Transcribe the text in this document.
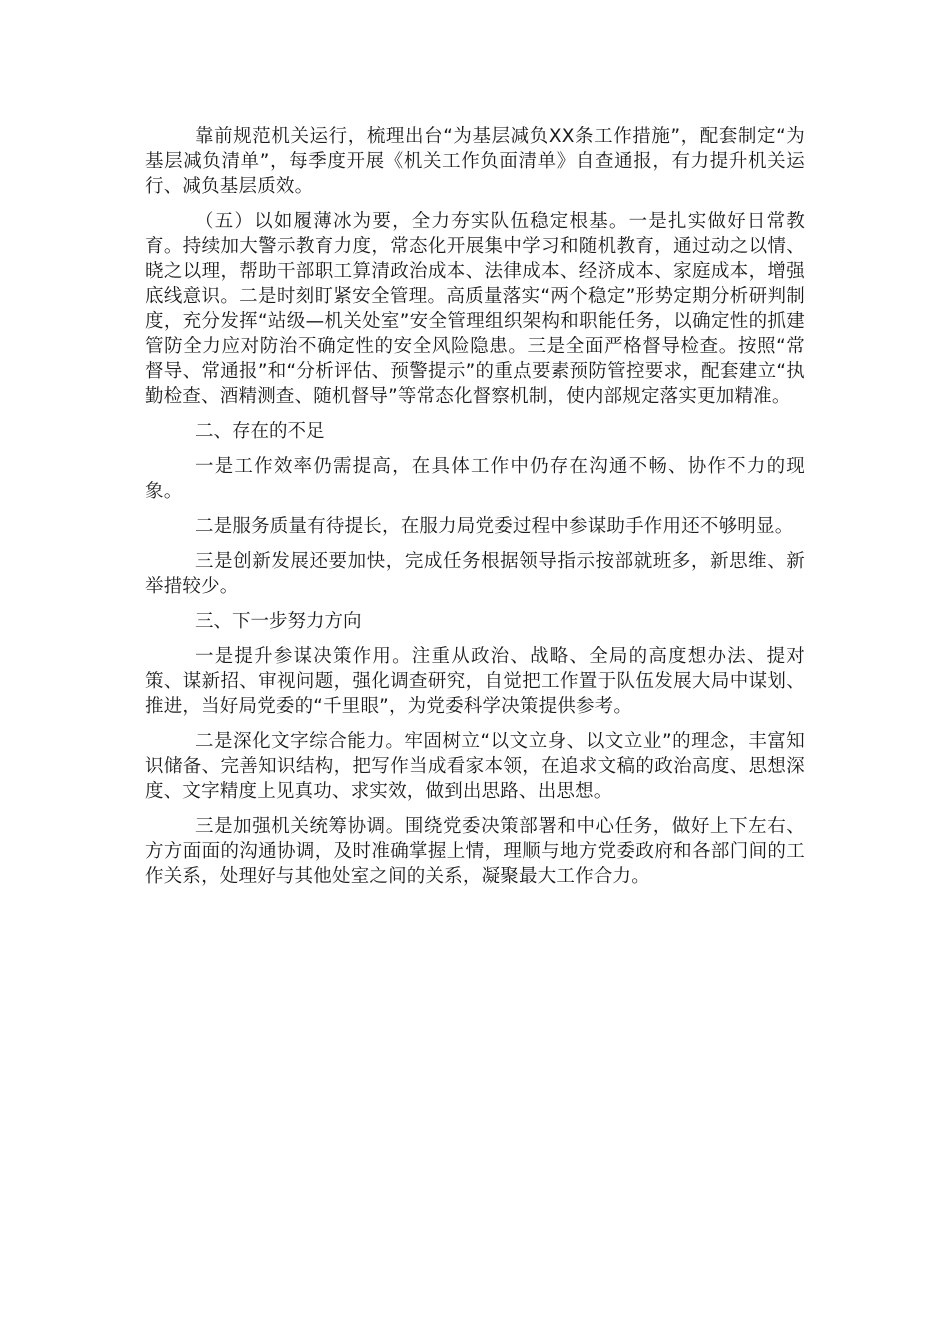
靠前规范机关运行，梳理出台“为基层减负XX条工作措施”，配套制定“为基层减负清单”，每季度开展《机关工作负面清单》自查通报，有力提升机关运行、减负基层质效。

（五）以如履薄冰为要，全力夯实队伍稳定根基。一是扎实做好日常教育。持续加大警示教育力度，常态化开展集中学习和随机教育，通过动之以情、晓之以理，帮助干部职工算清政治成本、法律成本、经济成本、家庭成本，增强底线意识。二是时刻盯紧安全管理。高质量落实“两个稳定”形势定期分析研判制度，充分发挥“站级—机关处室”安全管理组织架构和职能任务，以确定性的抓建管防全力应对防治不确定性的安全风险隐患。三是全面严格督导检查。按照“常督导、常通报”和“分析评估、预警提示”的重点要素预防管控要求，配套建立“执勤检查、酒精测查、随机督导”等常态化督察机制，使内部规定落实更加精准。

二、存在的不足

一是工作效率仍需提高，在具体工作中仍存在沟通不畅、协作不力的现象。

二是服务质量有待提长，在服力局党委过程中参谋助手作用还不够明显。

三是创新发展还要加快，完成任务根据领导指示按部就班多，新思维、新举措较少。

三、下一步努力方向

一是提升参谋决策作用。注重从政治、战略、全局的高度想办法、提对策、谋新招、审视问题，强化调查研究，自觉把工作置于队伍发展大局中谋划、推进，当好局党委的“千里眼”，为党委科学决策提供参考。

二是深化文字综合能力。牢固树立“以文立身、以文立业”的理念，丰富知识储备、完善知识结构，把写作当成看家本领，在追求文稿的政治高度、思想深度、文字精度上见真功、求实效，做到出思路、出思想。

三是加强机关统筹协调。围绕党委决策部署和中心任务，做好上下左右、方方面面的沟通协调，及时准确掌握上情，理顺与地方党委政府和各部门间的工作关系，处理好与其他处室之间的关系，凝聚最大工作合力。
